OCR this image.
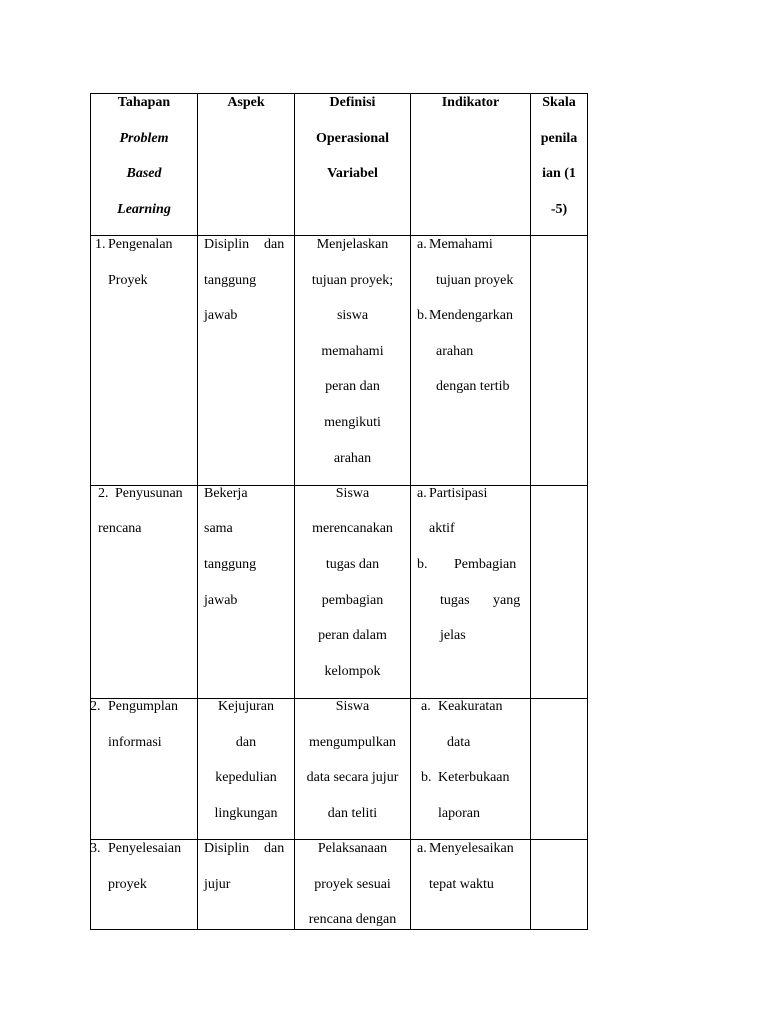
Tahapan
Problem
Based
Learning
Aspek	Definisi
Operasional
Variabel
Indikator	Skala
penila
ian (1
-5)
1. Pengenalan
Proyek
Disiplin dan
tanggung
jawab
Menjelaskan
tujuan proyek;
siswa
memahami
peran dan
mengikuti
arahan
a. Memahami
tujuan proyek
b. Mendengarkan
arahan
dengan tertib
2. Penyusunan
rencana
Bekerja
sama
tanggung
jawab
Siswa
merencanakan
tugas dan
pembagian
peran dalam
kelompok
a. Partisipasi
aktif
b. Pembagian
tugas yang
jelas
2. Pengumplan
informasi
Kejujuran
dan
kepedulian
lingkungan
Siswa
mengumpulkan
data secara jujur
dan teliti
a. Keakuratan
data
b. Keterbukaan
laporan
3. Penyelesaian
proyek
Disiplin dan
jujur
Pelaksanaan
proyek sesuai
rencana dengan
a. Menyelesaikan
tepat waktu
